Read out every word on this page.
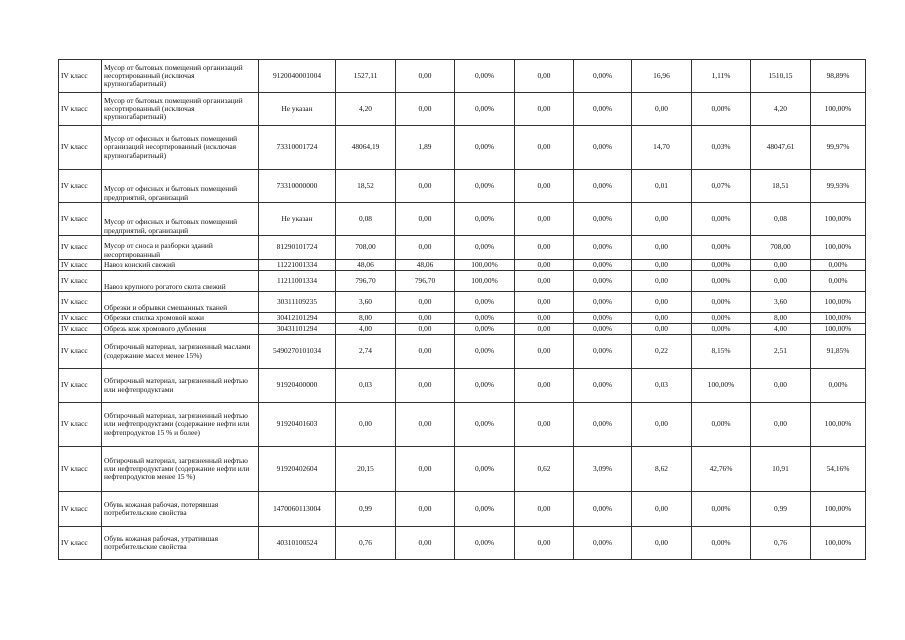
IV класс	Мусор от бытовых помещений организаций несортированный (исключая крупногабаритный)	9120040001004	1527,11	0,00	0,00%	0,00	0,00%	16,96	1,11%	1510,15	98,89%
IV класс	Мусор от бытовых помещений организаций несортированный (исключая крупногабаритный)	Не указан	4,20	0,00	0,00%	0,00	0,00%	0,00	0,00%	4,20	100,00%
IV класс	Мусор от офисных и бытовых помещений организаций несортированный (исключая крупногабаритный)	73310001724	48064,19	1,89	0,00%	0,00	0,00%	14,70	0,03%	48047,61	99,97%
IV класс	Мусор от офисных и бытовых помещений предприятий, организаций	73310000000	18,52	0,00	0,00%	0,00	0,00%	0,01	0,07%	18,51	99,93%
IV класс	Мусор от офисных и бытовых помещений предприятий, организаций	Не указан	0,08	0,00	0,00%	0,00	0,00%	0,00	0,00%	0,08	100,00%
IV класс	Мусор от сноса и разборки зданий несортированный	81290101724	708,00	0,00	0,00%	0,00	0,00%	0,00	0,00%	708,00	100,00%
IV класс	Навоз конский свежий	11221001334	48,06	48,06	100,00%	0,00	0,00%	0,00	0,00%	0,00	0,00%
IV класс	Навоз крупного рогатого скота свежий	11211001334	796,70	796,70	100,00%	0,00	0,00%	0,00	0,00%	0,00	0,00%
IV класс	Обрезки и обрывки смешанных тканей	30311109235	3,60	0,00	0,00%	0,00	0,00%	0,00	0,00%	3,60	100,00%
IV класс	Обрезки спилка хромовой кожи	30412101294	8,00	0,00	0,00%	0,00	0,00%	0,00	0,00%	8,00	100,00%
IV класс	Обрезь кож хромового дубления	30431101294	4,00	0,00	0,00%	0,00	0,00%	0,00	0,00%	4,00	100,00%
IV класс	Обтирочный материал, загрязненный маслами (содержание масел менее 15%)	5490270101034	2,74	0,00	0,00%	0,00	0,00%	0,22	8,15%	2,51	91,85%
IV класс	Обтирочный материал, загрязненный нефтью или нефтепродуктами	91920400000	0,03	0,00	0,00%	0,00	0,00%	0,03	100,00%	0,00	0,00%
IV класс	Обтирочный материал, загрязненный нефтью или нефтепродуктами (содержание нефти или нефтепродуктов 15 % и более)	91920401603	0,00	0,00	0,00%	0,00	0,00%	0,00	0,00%	0,00	100,00%
IV класс	Обтирочный материал, загрязненный нефтью или нефтепродуктами (содержание нефти или нефтепродуктов менее 15 %)	91920402604	20,15	0,00	0,00%	0,62	3,09%	8,62	42,76%	10,91	54,16%
IV класс	Обувь кожаная рабочая, потерявшая потребительские свойства	1470060113004	0,99	0,00	0,00%	0,00	0,00%	0,00	0,00%	0,99	100,00%
IV класс	Обувь кожаная рабочая, утратившая потребительские свойства	40310100524	0,76	0,00	0,00%	0,00	0,00%	0,00	0,00%	0,76	100,00%
